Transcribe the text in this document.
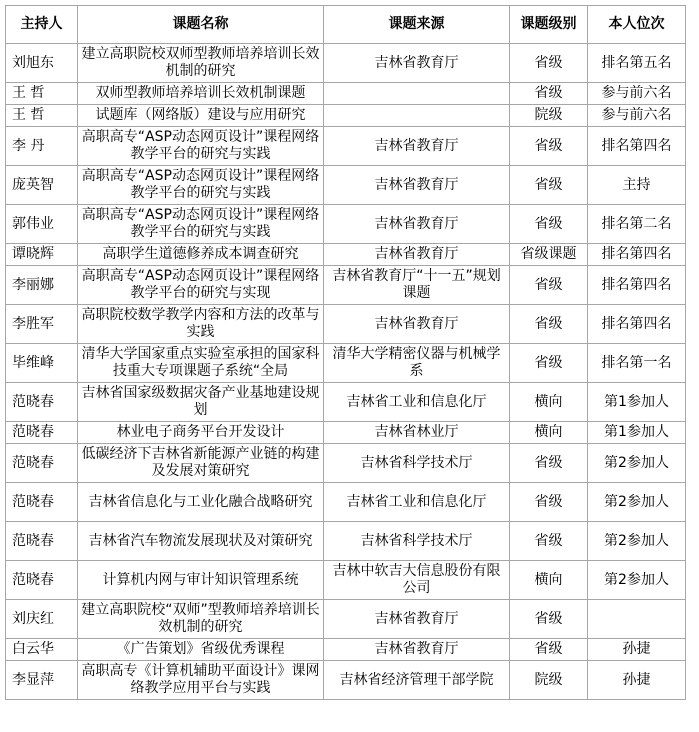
主持人	课题名称	课题来源	课题级别	本人位次
刘旭东	建立高职院校双师型教师培养培训长效机制的研究	吉林省教育厅	省级	排名第五名
王 哲	双师型教师培养培训长效机制课题		省级	参与前六名
王 哲	试题库（网络版）建设与应用研究		院级	参与前六名
李 丹	高职高专“ASP动态网页设计”课程网络教学平台的研究与实践	吉林省教育厅	省级	排名第四名
庞英智	高职高专“ASP动态网页设计”课程网络教学平台的研究与实践	吉林省教育厅	省级	主持
郭伟业	高职高专“ASP动态网页设计”课程网络教学平台的研究与实践	吉林省教育厅	省级	排名第二名
谭晓辉	高职学生道德修养成本调查研究	吉林省教育厅	省级课题	排名第四名
李丽娜	高职高专“ASP动态网页设计”课程网络教学平台的研究与实现	吉林省教育厅“十一五”规划课题	省级	排名第四名
李胜军	高职院校数学教学内容和方法的改革与实践	吉林省教育厅	省级	排名第四名
毕维峰	清华大学国家重点实验室承担的国家科技重大专项课题子系统“全局	清华大学精密仪器与机械学系	省级	排名第一名
范晓春	吉林省国家级数据灾备产业基地建设规划	吉林省工业和信息化厅	横向	第1参加人
范晓春	林业电子商务平台开发设计	吉林省林业厅	横向	第1参加人
范晓春	低碳经济下吉林省新能源产业链的构建及发展对策研究	吉林省科学技术厅	省级	第2参加人
范晓春	吉林省信息化与工业化融合战略研究	吉林省工业和信息化厅	省级	第2参加人
范晓春	吉林省汽车物流发展现状及对策研究	吉林省科学技术厅	省级	第2参加人
范晓春	计算机内网与审计知识管理系统	吉林中软吉大信息股份有限公司	横向	第2参加人
刘庆红	建立高职院校“双师”型教师培养培训长效机制的研究	吉林省教育厅	省级	
白云华	《广告策划》省级优秀课程	吉林省教育厅	省级	孙捷
李显萍	高职高专《计算机辅助平面设计》课网络教学应用平台与实践	吉林省经济管理干部学院	院级	孙捷
